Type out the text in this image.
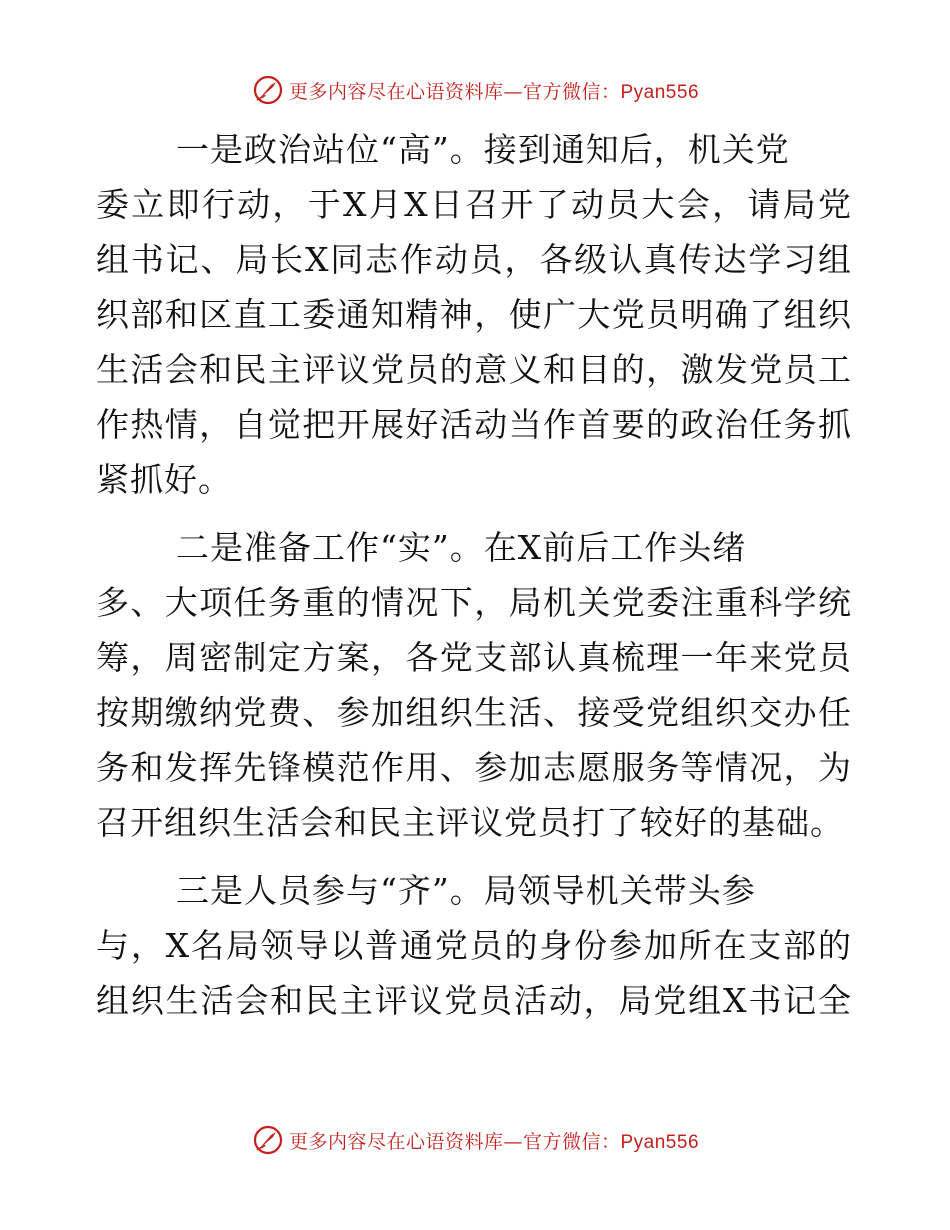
更多内容尽在心语资料库—官方微信：Pyan556
一是政治站位“高”。接到通知后，机关党
委立即行动，于X月X日召开了动员大会，请局党
组书记、局长X同志作动员，各级认真传达学习组
织部和区直工委通知精神，使广大党员明确了组织
生活会和民主评议党员的意义和目的，激发党员工
作热情，自觉把开展好活动当作首要的政治任务抓
紧抓好。
二是准备工作“实”。在X前后工作头绪
多、大项任务重的情况下，局机关党委注重科学统
筹，周密制定方案，各党支部认真梳理一年来党员
按期缴纳党费、参加组织生活、接受党组织交办任
务和发挥先锋模范作用、参加志愿服务等情况，为
召开组织生活会和民主评议党员打了较好的基础。
三是人员参与“齐”。局领导机关带头参
与，X名局领导以普通党员的身份参加所在支部的
组织生活会和民主评议党员活动，局党组X书记全
更多内容尽在心语资料库—官方微信：Pyan556
